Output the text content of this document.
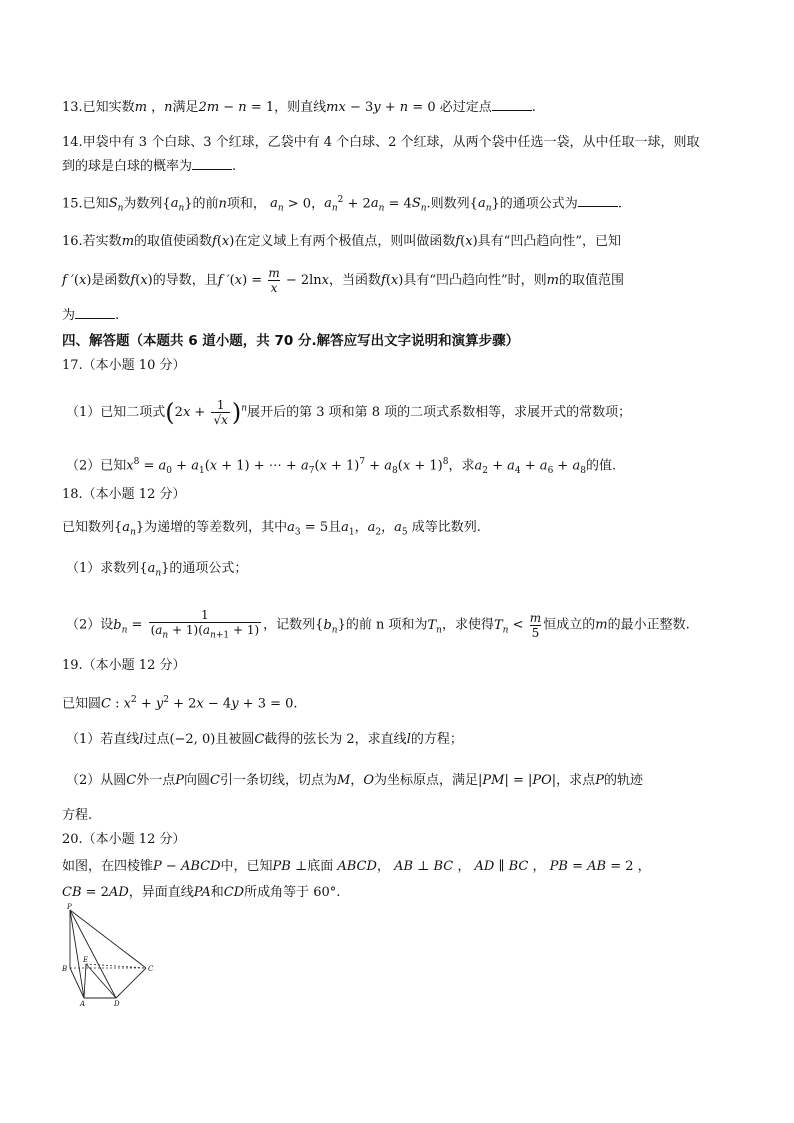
13.已知实数m ，n满足2m − n = 1，则直线mx − 3y + n = 0 必过定点	.
14.甲袋中有 3 个白球、3 个红球，乙袋中有 4 个白球、2 个红球，从两个袋中任选一袋，从中任取一球，则取
到的球是白球的概率为	.
15.已知$S_n$为数列$\{a_n\}$的前n项和， $a_n > 0$，$a_n^2 + 2a_n = 4S_n$.则数列$\{a_n\}$的通项公式为	.
16.若实数m的取值使函数f(x)在定义域上有两个极值点，则叫做函数f(x)具有“凹凸趋向性”，已知
f ′(x)是函数f(x)的导数，且f $'(x) = \frac{m}{x} - 2\ln x$，当函数f(x)具有“凹凸趋向性”时，则m的取值范围
为	.
四、解答题（本题共 6 道小题，共 70 分.解答应写出文字说明和演算步骤）
17.（本小题 10 分）
（1）已知二项式$(2x + \frac{1}{√x} )^n$展开后的第 3 项和第 8 项的二项式系数相等，求展开式的常数项；
（2）已知$x^8 = a_0 + a_1(x + 1)$ + ⋯ + $a_7(x + 1)^7 + a_8(x + 1)^8$，求$a_2 + a_4 + a_6 + a_8$的值.
18.（本小题 12 分）
已知数列$\{a_n\}$为递增的等差数列，其中$a_3 = 5$且$a_1$，$a_2$，$a_5$ 成等比数列.
（1）求数列$\{a_n\}$的通项公式；
（2）设$b_n = \frac{1}{(a_n + 1)(a_{n+1} + 1)}$ ，记数列$\{b_n\}$的前 n 项和为$T_n$，求使得$T_n < \frac{m}{5}$ 恒成立的m的最小正整数.
19.（本小题 12 分）
已知圆C : $x^2 + y^2 + 2x - 4y + 3 = 0$.
（1）若直线l过点(−2, 0)且被圆C截得的弦长为 2，求直线l的方程；
（2）从圆C外一点P向圆C引一条切线，切点为M，O为坐标原点，满足|PM| = |PO|，求点P的轨迹
方程.
20.（本小题 12 分）
如图，在四棱锥P − ABCD中，已知PB ⊥底面 ABCD， AB ⊥ BC ， AD ∥ BC ， PB = AB = 2 ，
CB = 2AD，异面直线PA和CD所成角等于 60°.
P
B
E
C
A	D
